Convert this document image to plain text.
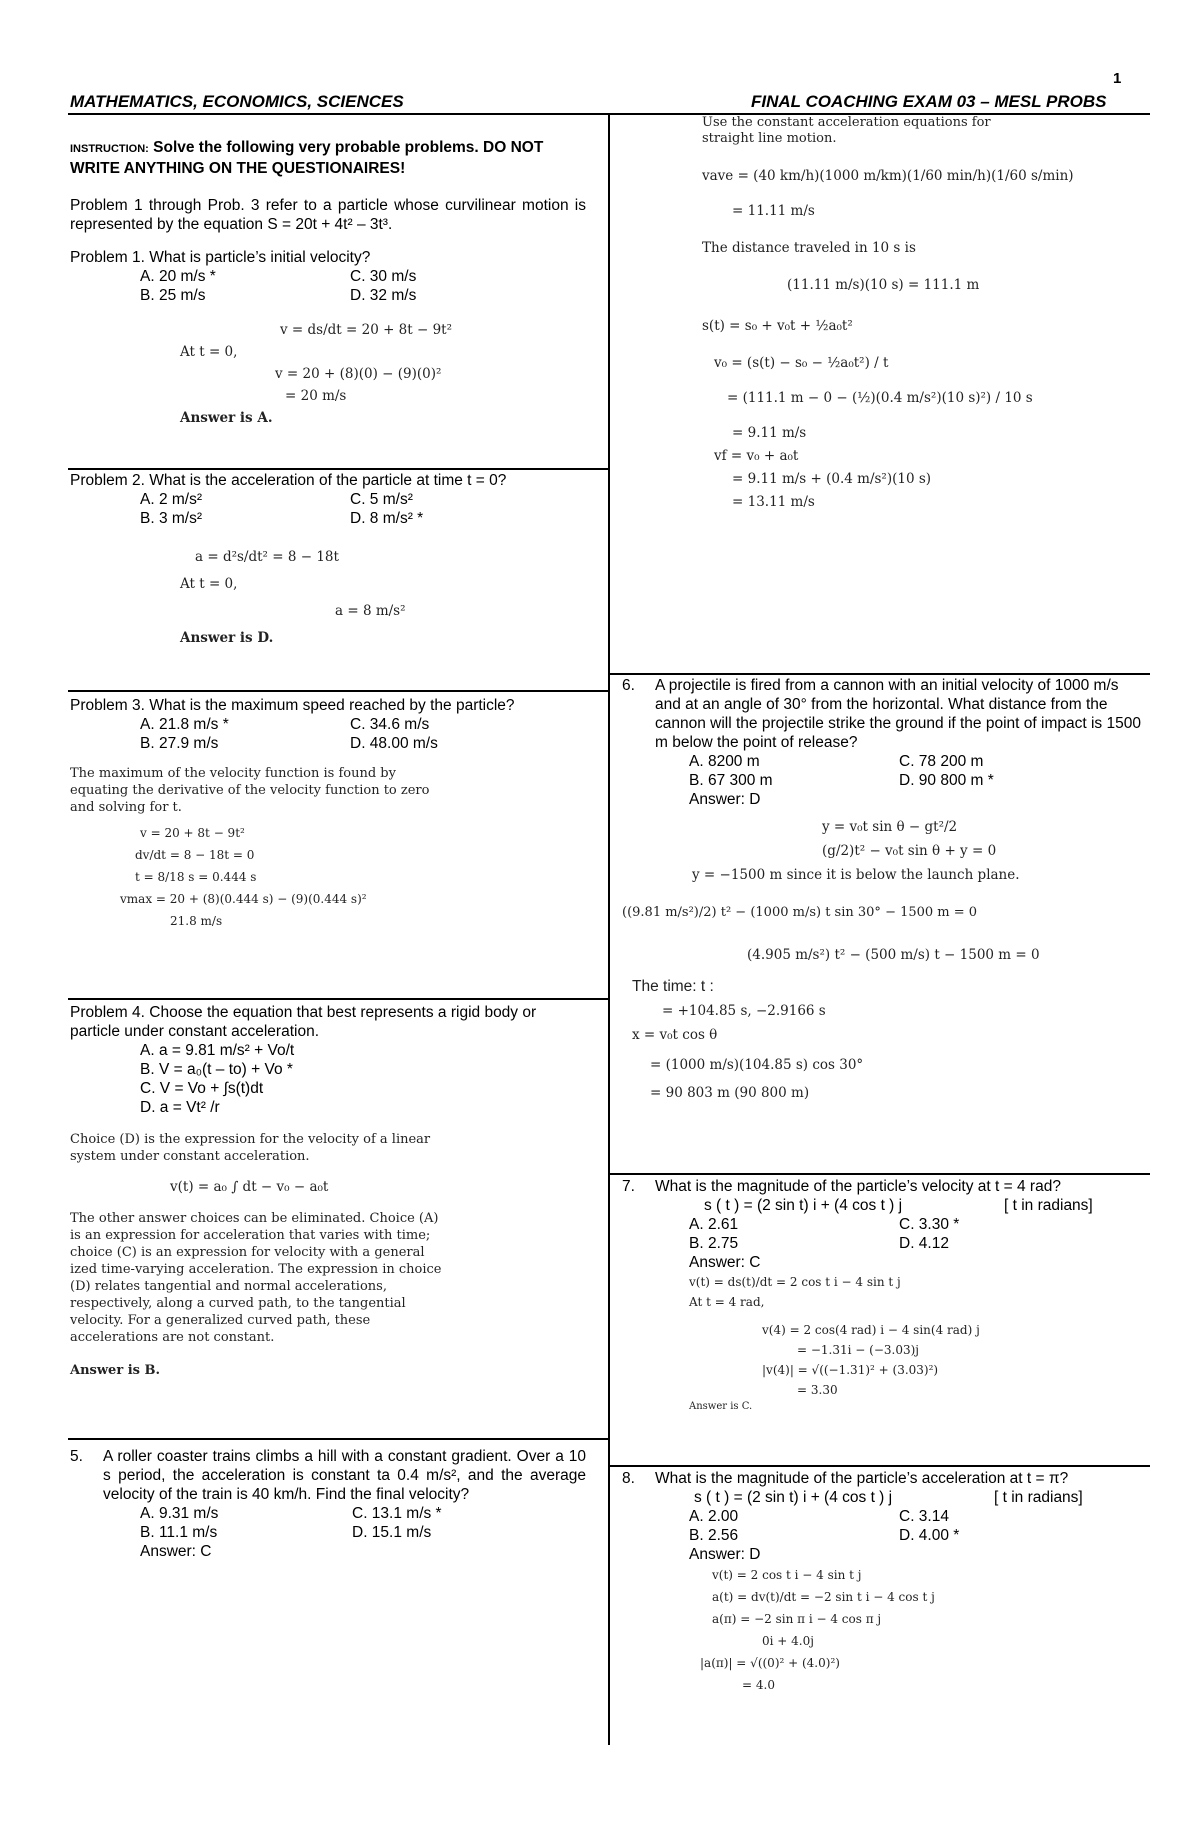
1
MATHEMATICS, ECONOMICS, SCIENCES	FINAL COACHING EXAM 03 – MESL PROBS

INSTRUCTION: Solve the following very probable problems. DO NOT WRITE ANYTHING ON THE QUESTIONAIRES!

Problem 1 through Prob. 3 refer to a particle whose curvilinear motion is represented by the equation S = 20t + 4t² – 3t³.

Problem 1. What is particle’s initial velocity?

A. 20 m/s *	C. 30 m/s
B. 25 m/s	D. 32 m/s

v = ds/dt = 20 + 8t − 9t²

At t = 0,

v = 20 + (8)(0) − (9)(0)²

= 20 m/s

Answer is A.

Problem 2. What is the acceleration of the particle at time t = 0?

A. 2 m/s²	C. 5 m/s²
B. 3 m/s²	D. 8 m/s² *

a = d²s/dt² = 8 − 18t

At t = 0,

a = 8 m/s²

Answer is D.

Problem 3. What is the maximum speed reached by the particle?

A. 21.8 m/s *	C. 34.6 m/s
B. 27.9 m/s	D. 48.00 m/s

The maximum of the velocity function is found by equating the derivative of the velocity function to zero and solving for t.

v = 20 + 8t − 9t²

dv/dt = 8 − 18t = 0

t = 8/18 s = 0.444 s

vmax = 20 + (8)(0.444 s) − (9)(0.444 s)²

21.8 m/s

Problem 4. Choose the equation that best represents a rigid body or particle under constant acceleration.

A. a = 9.81 m/s² + Vo/t

B. V = a₀(t – to) + Vo *

C. V = Vo + ∫s(t)dt

D. a = Vt² /r

Choice (D) is the expression for the velocity of a linear system under constant acceleration.

v(t) = a₀ ∫ dt − v₀ − a₀t

The other answer choices can be eliminated. Choice (A) is an expression for acceleration that varies with time; choice (C) is an expression for velocity with a general ized time-varying acceleration. The expression in choice (D) relates tangential and normal accelerations, respectively, along a curved path, to the tangential velocity. For a generalized curved path, these accelerations are not constant.

Answer is B.

5.	A roller coaster trains climbs a hill with a constant gradient. Over a 10 s period, the acceleration is constant ta 0.4 m/s², and the average velocity of the train is 40 km/h. Find the final velocity?

A. 9.31 m/s	C. 13.1 m/s *
B. 11.1 m/s	D. 15.1 m/s

Answer: C

Use the constant acceleration equations for straight line motion.

vave = (40 km/h)(1000 m/km)(1/60 min/h)(1/60 s/min)

= 11.11 m/s

The distance traveled in 10 s is

(11.11 m/s)(10 s) = 111.1 m

s(t) = s₀ + v₀t + ½a₀t²

v₀ = (s(t) − s₀ − ½a₀t²) / t

= (111.1 m − 0 − (½)(0.4 m/s²)(10 s)²) / 10 s

= 9.11 m/s

vf = v₀ + a₀t

= 9.11 m/s + (0.4 m/s²)(10 s)

= 13.11 m/s

6.	A projectile is fired from a cannon with an initial velocity of 1000 m/s and at an angle of 30° from the horizontal. What distance from the cannon will the projectile strike the ground if the point of impact is 1500 m below the point of release?

A. 8200 m	C. 78 200 m
B. 67 300 m	D. 90 800 m *

Answer: D

y = v₀t sin θ − gt²/2

(g/2)t² − v₀t sin θ + y = 0

y = −1500 m since it is below the launch plane.

((9.81 m/s²)/2) t² − (1000 m/s) t sin 30° − 1500 m = 0

(4.905 m/s²) t² − (500 m/s) t − 1500 m = 0

The time: t :

= +104.85 s, −2.9166 s

x = v₀t cos θ

= (1000 m/s)(104.85 s) cos 30°

= 90 803 m (90 800 m)

7.	What is the magnitude of the particle’s velocity at t = 4 rad?

s ( t ) = (2 sin t) i + (4 cos t ) j	[ t in radians]
A. 2.61	C. 3.30 *
B. 2.75	D. 4.12

Answer: C

v(t) = ds(t)/dt = 2 cos t i − 4 sin t j

At t = 4 rad,

v(4) = 2 cos(4 rad) i − 4 sin(4 rad) j

= −1.31i − (−3.03)j

|v(4)| = √((−1.31)² + (3.03)²)

= 3.30

Answer is C.

8.	What is the magnitude of the particle’s acceleration at t = π?

s ( t ) = (2 sin t) i + (4 cos t ) j	[ t in radians]
A. 2.00	C. 3.14
B. 2.56	D. 4.00 *

Answer: D

v(t) = 2 cos t i − 4 sin t j

a(t) = dv(t)/dt = −2 sin t i − 4 cos t j

a(π) = −2 sin π i − 4 cos π j

0i + 4.0j

|a(π)| = √((0)² + (4.0)²)

= 4.0
